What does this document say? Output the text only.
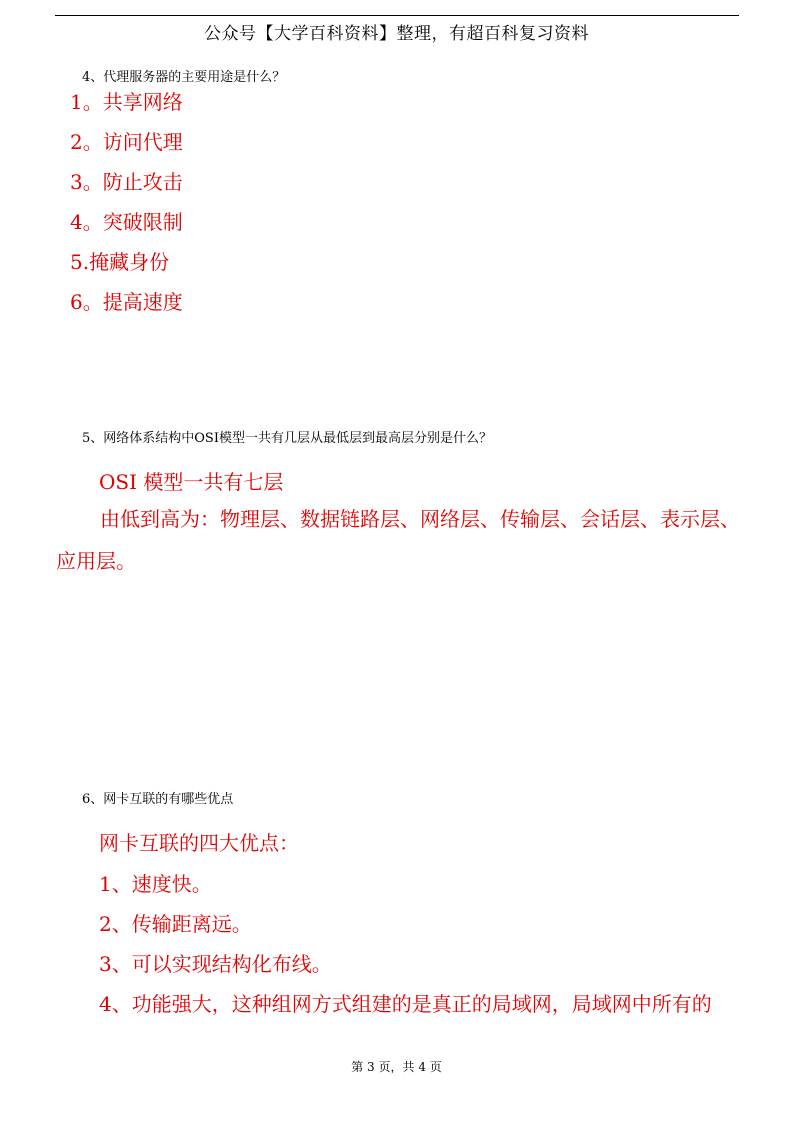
公众号【大学百科资料】整理，有超百科复习资料
4、代理服务器的主要用途是什么？
1。共享网络
2。访问代理
3。防止攻击
4。突破限制
5.掩藏身份
6。提高速度
5、网络体系结构中OSI模型一共有几层从最低层到最高层分别是什么？
OSI 模型一共有七层
由低到高为：物理层、数据链路层、网络层、传输层、会话层、表示层、应用层。
6、网卡互联的有哪些优点
网卡互联的四大优点：
1、速度快。
2、传输距离远。
3、可以实现结构化布线。
4、功能强大，这种组网方式组建的是真正的局域网，局域网中所有的
第 3 页，共 4 页
